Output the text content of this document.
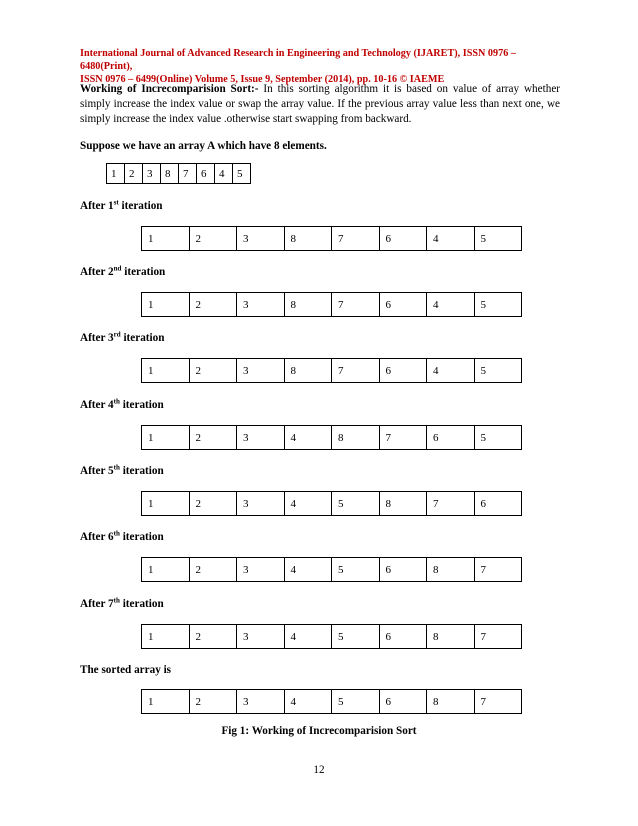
International Journal of Advanced Research in Engineering and Technology (IJARET), ISSN 0976 – 6480(Print),
ISSN 0976 – 6499(Online) Volume 5, Issue 9, September (2014), pp. 10-16 © IAEME
Working of Increcomparision Sort:- In this sorting algorithm it is based on value of array whether simply increase the index value or swap the array value. If the previous array value less than next one, we simply increase the index value .otherwise start swapping from backward.
Suppose we have an array A which have 8 elements.
1	2	3	8	7	6	4	5
After 1st iteration
1	2	3	8	7	6	4	5
After 2nd iteration
1	2	3	8	7	6	4	5
After 3rd iteration
1	2	3	8	7	6	4	5
After 4th iteration
1	2	3	4	8	7	6	5
After 5th iteration
1	2	3	4	5	8	7	6
After 6th iteration
1	2	3	4	5	6	8	7
After 7th iteration
1	2	3	4	5	6	8	7
The sorted array is
1	2	3	4	5	6	8	7
Fig 1: Working of Increcomparision Sort
12
